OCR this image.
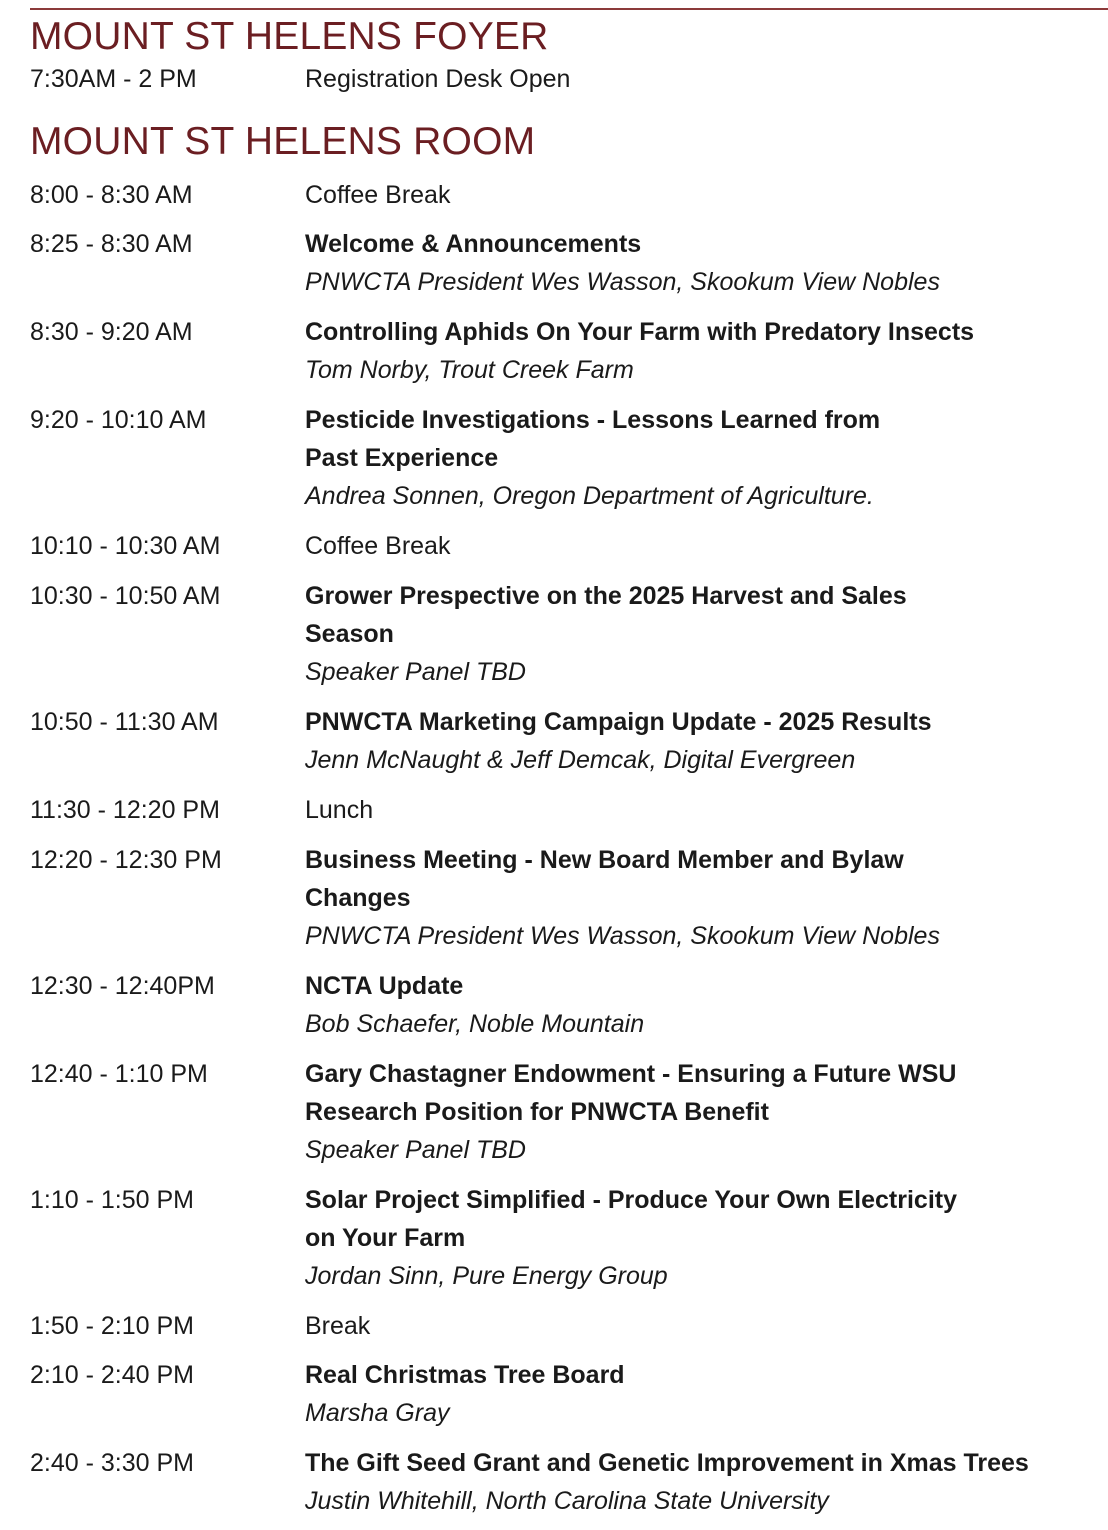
MOUNT ST HELENS FOYER
7:30AM - 2 PM	Registration Desk Open
MOUNT ST HELENS ROOM
8:00 - 8:30 AM	Coffee Break
8:25 - 8:30 AM	Welcome & Announcements
PNWCTA President Wes Wasson, Skookum View Nobles
8:30 - 9:20 AM	Controlling Aphids On Your Farm with Predatory Insects
Tom Norby, Trout Creek Farm
9:20 - 10:10 AM	Pesticide Investigations - Lessons Learned from
Past Experience
Andrea Sonnen, Oregon Department of Agriculture.
10:10 - 10:30 AM	Coffee Break
10:30 - 10:50 AM	Grower Prespective on the 2025 Harvest and Sales
Season
Speaker Panel TBD
10:50 - 11:30 AM	PNWCTA Marketing Campaign Update - 2025 Results
Jenn McNaught & Jeff Demcak, Digital Evergreen
11:30 - 12:20 PM	Lunch
12:20 - 12:30 PM	Business Meeting - New Board Member and Bylaw
Changes
PNWCTA President Wes Wasson, Skookum View Nobles
12:30 - 12:40PM	NCTA Update
Bob Schaefer, Noble Mountain
12:40 - 1:10 PM	Gary Chastagner Endowment - Ensuring a Future WSU
Research Position for PNWCTA Benefit
Speaker Panel TBD
1:10 - 1:50 PM	Solar Project Simplified - Produce Your Own Electricity
on Your Farm
Jordan Sinn, Pure Energy Group
1:50 - 2:10 PM	Break
2:10 - 2:40 PM	Real Christmas Tree Board
Marsha Gray
2:40 - 3:30 PM	The Gift Seed Grant and Genetic Improvement in Xmas Trees
Justin Whitehill, North Carolina State University
